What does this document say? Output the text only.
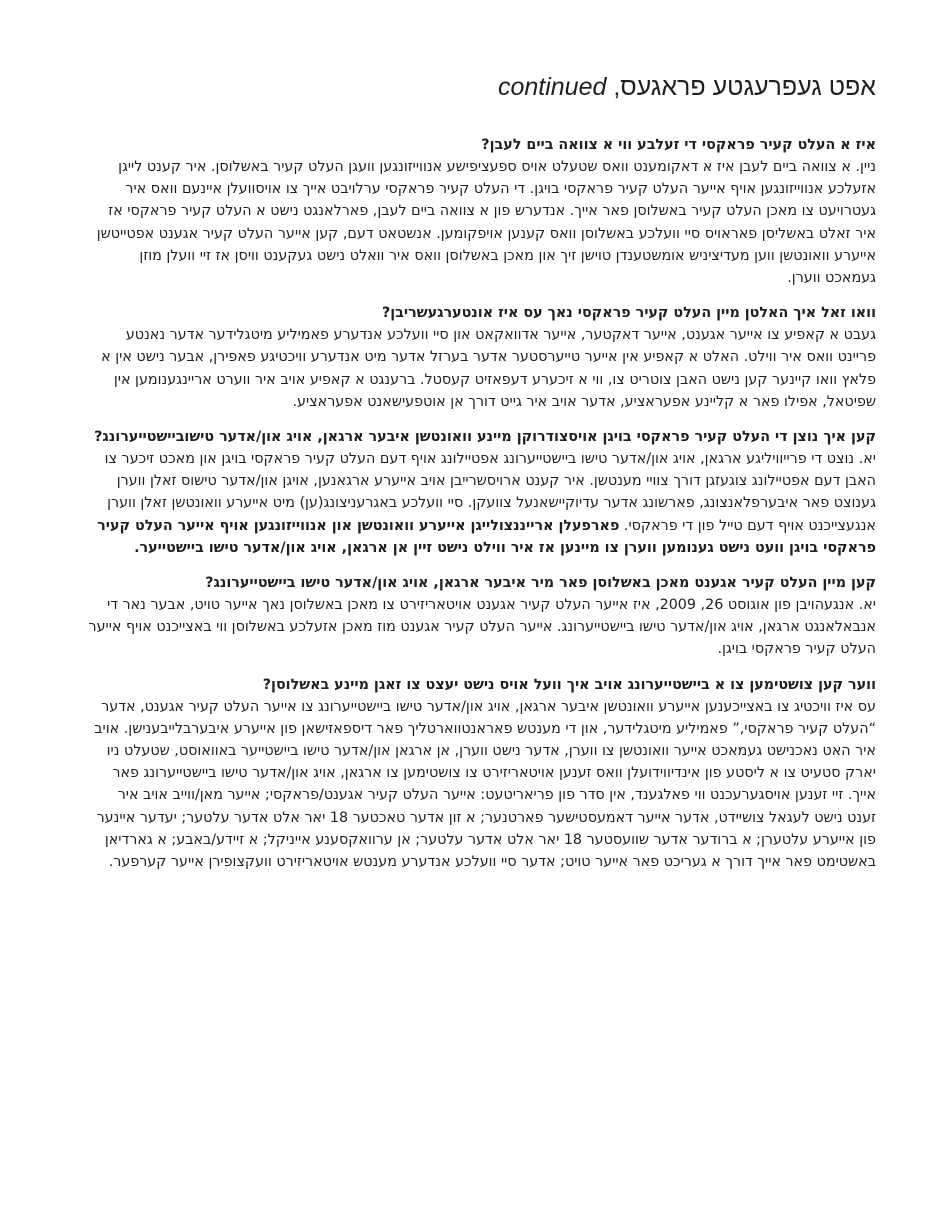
אפט געפרעגטע פראגעס, continued

איז א העלט קעיר פראקסי די זעלבע ווי א צוואה ביים לעבן?

ניין. א צוואה ביים לעבן איז א דאקומענט וואס שטעלט אויס ספעציפישע אנווייזונגען וועגן העלט קעיר באשלוסן. איר קענט לייגן אזעלכע אנווייזונגען אויף אייער העלט קעיר פראקסי בויגן. די העלט קעיר פראקסי ערלויבט אייך צו אויסוועלן איינעם וואס איר געטרויעט צו מאכן העלט קעיר באשלוסן פאר אייך. אנדערש פון א צוואה ביים לעבן, פארלאנגט נישט א העלט קעיר פראקסי אז איר זאלט באשליסן פאראויס סיי וועלכע באשלוסן וואס קענען אויפקומען. אנשטאט דעם, קען אייער העלט קעיר אגענט אפטייטשן אייערע וואונטשן ווען מעדיציניש אומשטענדן טוישן זיך און מאכן באשלוסן וואס איר וואלט נישט געקענט וויסן אז זיי וועלן מוזן געמאכט ווערן.

וואו זאל איך האלטן מיין העלט קעיר פראקסי נאך עס איז אונטערגעשריבן?

געבט א קאפיע צו אייער אגענט, אייער דאקטער, אייער אדוואקאט און סיי וועלכע אנדערע פאמיליע מיטגלידער אדער נאנטע פריינט וואס איר ווילט. האלט א קאפיע אין אייער טייערסטער אדער בערזל אדער מיט אנדערע וויכטיגע פאפירן, אבער נישט אין א פלאץ וואו קיינער קען נישט האבן צוטריט צו, ווי א זיכערע דעפאזיט קעסטל. ברענגט א קאפיע אויב איר ווערט אריינגענומען אין שפיטאל, אפילו פאר א קליינע אפעראציע, אדער אויב איר גייט דורך אן אוטפעישאנט אפעראציע.

קען איך נוצן די העלט קעיר פראקסי בויגן אויסצודרוקן מיינע וואונטשן איבער ארגאן, אויג און/אדער טישוביישטייערונג?

יא. נוצט די פרייוויליגע ארגאן, אויג און/אדער טישו ביישטייערונג אפטיילונג אויף דעם העלט קעיר פראקסי בויגן און מאכט זיכער צו האבן דעם אפטיילונג צוגעזגן דורך צוויי מענטשן. איר קענט ארויסשרייבן אויב אייערע ארגאנען, אויגן און/אדער טישוס זאלן ווערן גענוצט פאר איבערפלאנצונג, פארשונג אדער עדיוקיישאנעל צוועקן. סיי וועלכע באגרעניצונג(ען) מיט אייערע וואונטשן זאלן ווערן אנגעצייכנט אויף דעם טייל פון די פראקסי. פארפעלן ארייננצולייגן אייערע וואונטשן און אנווייזונגען אויף אייער העלט קעיר פראקסי בויגן וועט נישט גענומען ווערן צו מיינען אז איר ווילט נישט זיין אן ארגאן, אויג און/אדער טישו ביישטייער.

קען מיין העלט קעיר אגענט מאכן באשלוסן פאר מיר איבער ארגאן, אויג און/אדער טישו ביישטייערונג?

יא. אנגעהויבן פון אוגוסט 26, 2009, איז אייער העלט קעיר אגענט אויטאריזירט צו מאכן באשלוסן נאך אייער טויט, אבער נאר די אנבאלאנגט ארגאן, אויג און/אדער טישו ביישטייערונג. אייער העלט קעיר אגענט מוז מאכן אזעלכע באשלוסן ווי באצייכנט אויף אייער העלט קעיר פראקסי בויגן.

ווער קען צושטימען צו א ביישטייערונג אויב איך וועל אויס נישט יעצט צו זאגן מיינע באשלוסן?

עס איז וויכטיג צו באצייכענען אייערע וואונטשן איבער ארגאן, אויג און/אדער טישו ביישטייערונג צו אייער העלט קעיר אגענט, אדער “העלט קעיר פראקסי,” פאמיליע מיטגלידער, און די מענטש פאראנטווארטליך פאר דיספאזישאן פון אייערע איבערבלייבענישן. אויב איר האט נאכנישט געמאכט אייער וואונטשן צו ווערן, אדער נישט ווערן, אן ארגאן און/אדער טישו ביישטייער באוואוסט, שטעלט ניו יארק סטעיט צו א ליסטע פון אינדיווידועלן וואס זענען אויטאריזירט צו צושטימען צו ארגאן, אויג און/אדער טישו ביישטייערונג פאר אייך. זיי זענען אויסגערעכנט ווי פאלגענד, אין סדר פון פריאריטעט: אייער העלט קעיר אגענט/פראקסי; אייער מאן/ווייב אויב איר זענט נישט לעגאל צושיידט, אדער אייער דאמעסטישער פארטנער; א זון אדער טאכטער 18 יאר אלט אדער עלטער; יעדער איינער פון אייערע עלטערן; א ברודער אדער שוועסטער 18 יאר אלט אדער עלטער; אן ערוואקסענע אייניקל; א זיידע/באבע; א גארדיאן באשטימט פאר אייך דורך א געריכט פאר אייער טויט; אדער סיי וועלכע אנדערע מענטש אויטאריזירט וועקצופירן אייער קערפער.
